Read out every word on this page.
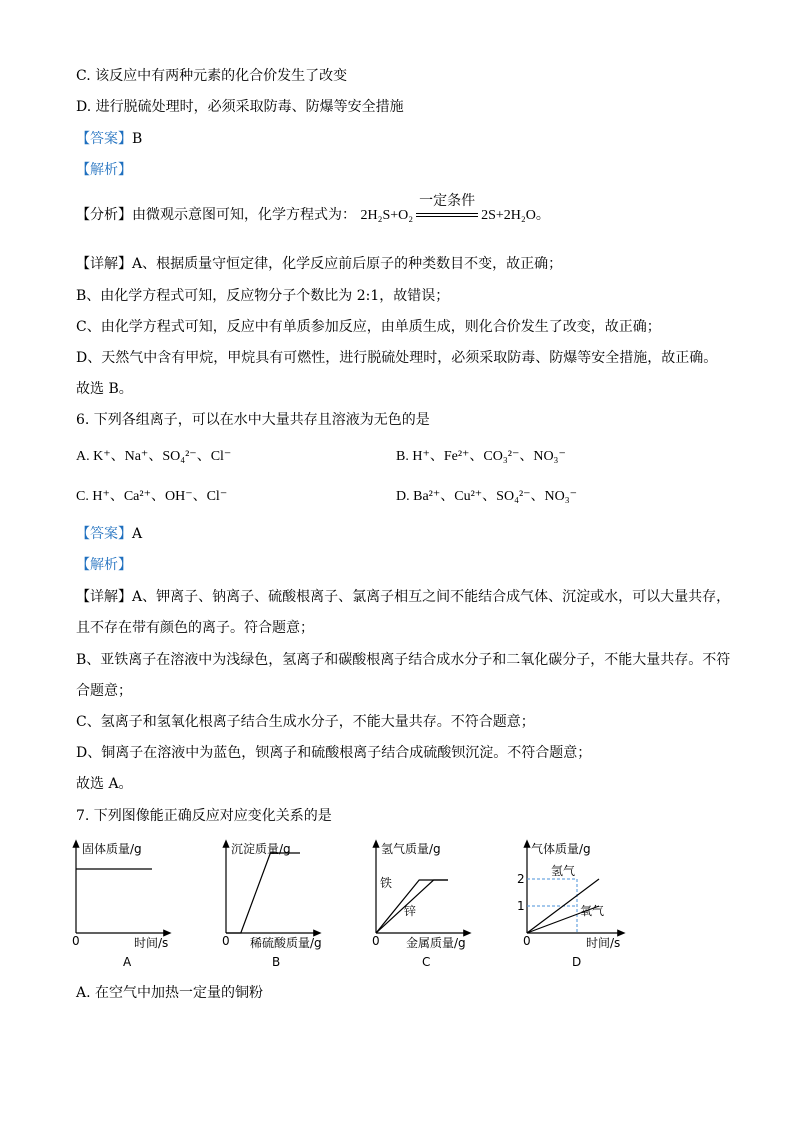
C. 该反应中有两种元素的化合价发生了改变
D. 进行脱硫处理时，必须采取防毒、防爆等安全措施
【答案】B
【解析】
【分析】由微观示意图可知，化学方程式为： 2H₂S+O₂
一定条件
2S+2H₂O。
【详解】A、根据质量守恒定律，化学反应前后原子的种类数目不变，故正确；
B、由化学方程式可知，反应物分子个数比为 2:1，故错误；
C、由化学方程式可知，反应中有单质参加反应，由单质生成，则化合价发生了改变，故正确；
D、天然气中含有甲烷，甲烷具有可燃性，进行脱硫处理时，必须采取防毒、防爆等安全措施，故正确。
故选 B。
6. 下列各组离子，可以在水中大量共存且溶液为无色的是
A. K⁺、Na⁺、SO₄²⁻、Cl⁻	B. H⁺、Fe²⁺、CO₃²⁻、NO₃⁻
C. H⁺、Ca²⁺、OH⁻、Cl⁻	D. Ba²⁺、Cu²⁺、SO₄²⁻、NO₃⁻
【答案】A
【解析】
【详解】A、钾离子、钠离子、硫酸根离子、氯离子相互之间不能结合成气体、沉淀或水，可以大量共存，
且不存在带有颜色的离子。符合题意；
B、亚铁离子在溶液中为浅绿色，氢离子和碳酸根离子结合成水分子和二氧化碳分子，不能大量共存。不符
合题意；
C、氢离子和氢氧化根离子结合生成水分子，不能大量共存。不符合题意；
D、铜离子在溶液中为蓝色，钡离子和硫酸根离子结合成硫酸钡沉淀。不符合题意；
故选 A。
7. 下列图像能正确反应对应变化关系的是
固体质量/g
时间/s
0
A
沉淀质量/g
稀硫酸质量/g
0
B
氢气质量/g
金属质量/g
0
铁
锌
C
气体质量/g
时间/s
0
2
1
氢气
氧气
D
A. 在空气中加热一定量的铜粉
